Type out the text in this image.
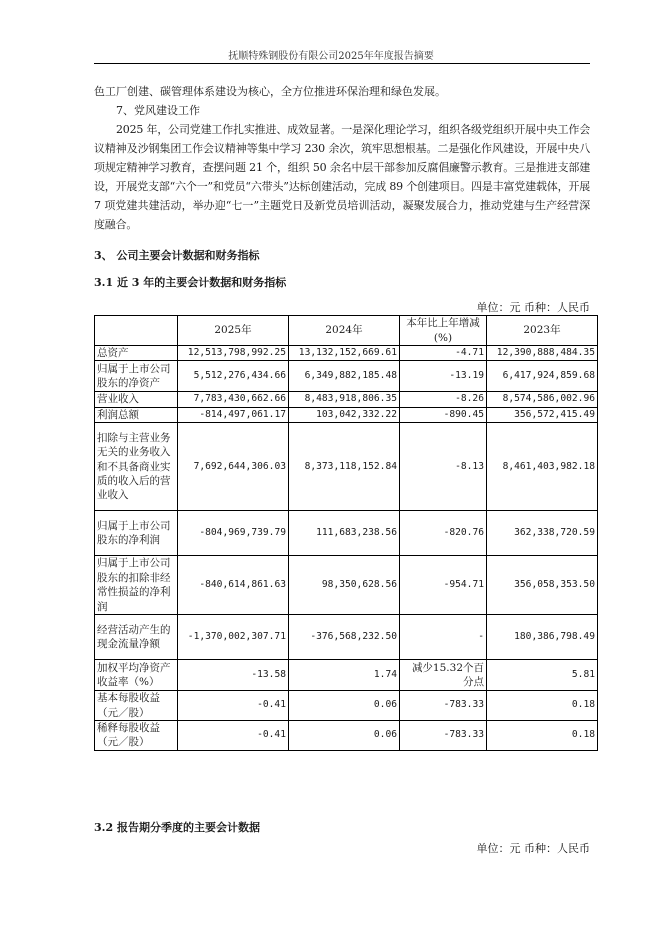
抚顺特殊钢股份有限公司2025年年度报告摘要
色工厂创建、碳管理体系建设为核心，全方位推进环保治理和绿色发展。
7、党风建设工作
2025 年，公司党建工作扎实推进、成效显著。一是深化理论学习，组织各级党组织开展中央工作会议精神及沙钢集团工作会议精神等集中学习 230 余次，筑牢思想根基。二是强化作风建设，开展中央八项规定精神学习教育，查摆问题 21 个，组织 50 余名中层干部参加反腐倡廉警示教育。三是推进支部建设，开展党支部“六个一”和党员“六带头”达标创建活动，完成 89 个创建项目。四是丰富党建载体，开展 7 项党建共建活动，举办迎“七一”主题党日及新党员培训活动，凝聚发展合力，推动党建与生产经营深度融合。
3、 公司主要会计数据和财务指标
3.1 近 3 年的主要会计数据和财务指标
单位：元 币种：人民币
	2025年	2024年	本年比上年增减(%)	2023年
总资产	12,513,798,992.25	13,132,152,669.61	-4.71	12,390,888,484.35
归属于上市公司股东的净资产	5,512,276,434.66	6,349,882,185.48	-13.19	6,417,924,859.68
营业收入	7,783,430,662.66	8,483,918,806.35	-8.26	8,574,586,002.96
利润总额	-814,497,061.17	103,042,332.22	-890.45	356,572,415.49
扣除与主营业务无关的业务收入和不具备商业实质的收入后的营业收入	7,692,644,306.03	8,373,118,152.84	-8.13	8,461,403,982.18
归属于上市公司股东的净利润	-804,969,739.79	111,683,238.56	-820.76	362,338,720.59
归属于上市公司股东的扣除非经常性损益的净利润	-840,614,861.63	98,350,628.56	-954.71	356,058,353.50
经营活动产生的现金流量净额	-1,370,002,307.71	-376,568,232.50	-	180,386,798.49
加权平均净资产收益率（%）	-13.58	1.74	减少15.32个百分点	5.81
基本每股收益（元／股）	-0.41	0.06	-783.33	0.18
稀释每股收益（元／股）	-0.41	0.06	-783.33	0.18
3.2 报告期分季度的主要会计数据
单位：元 币种：人民币
